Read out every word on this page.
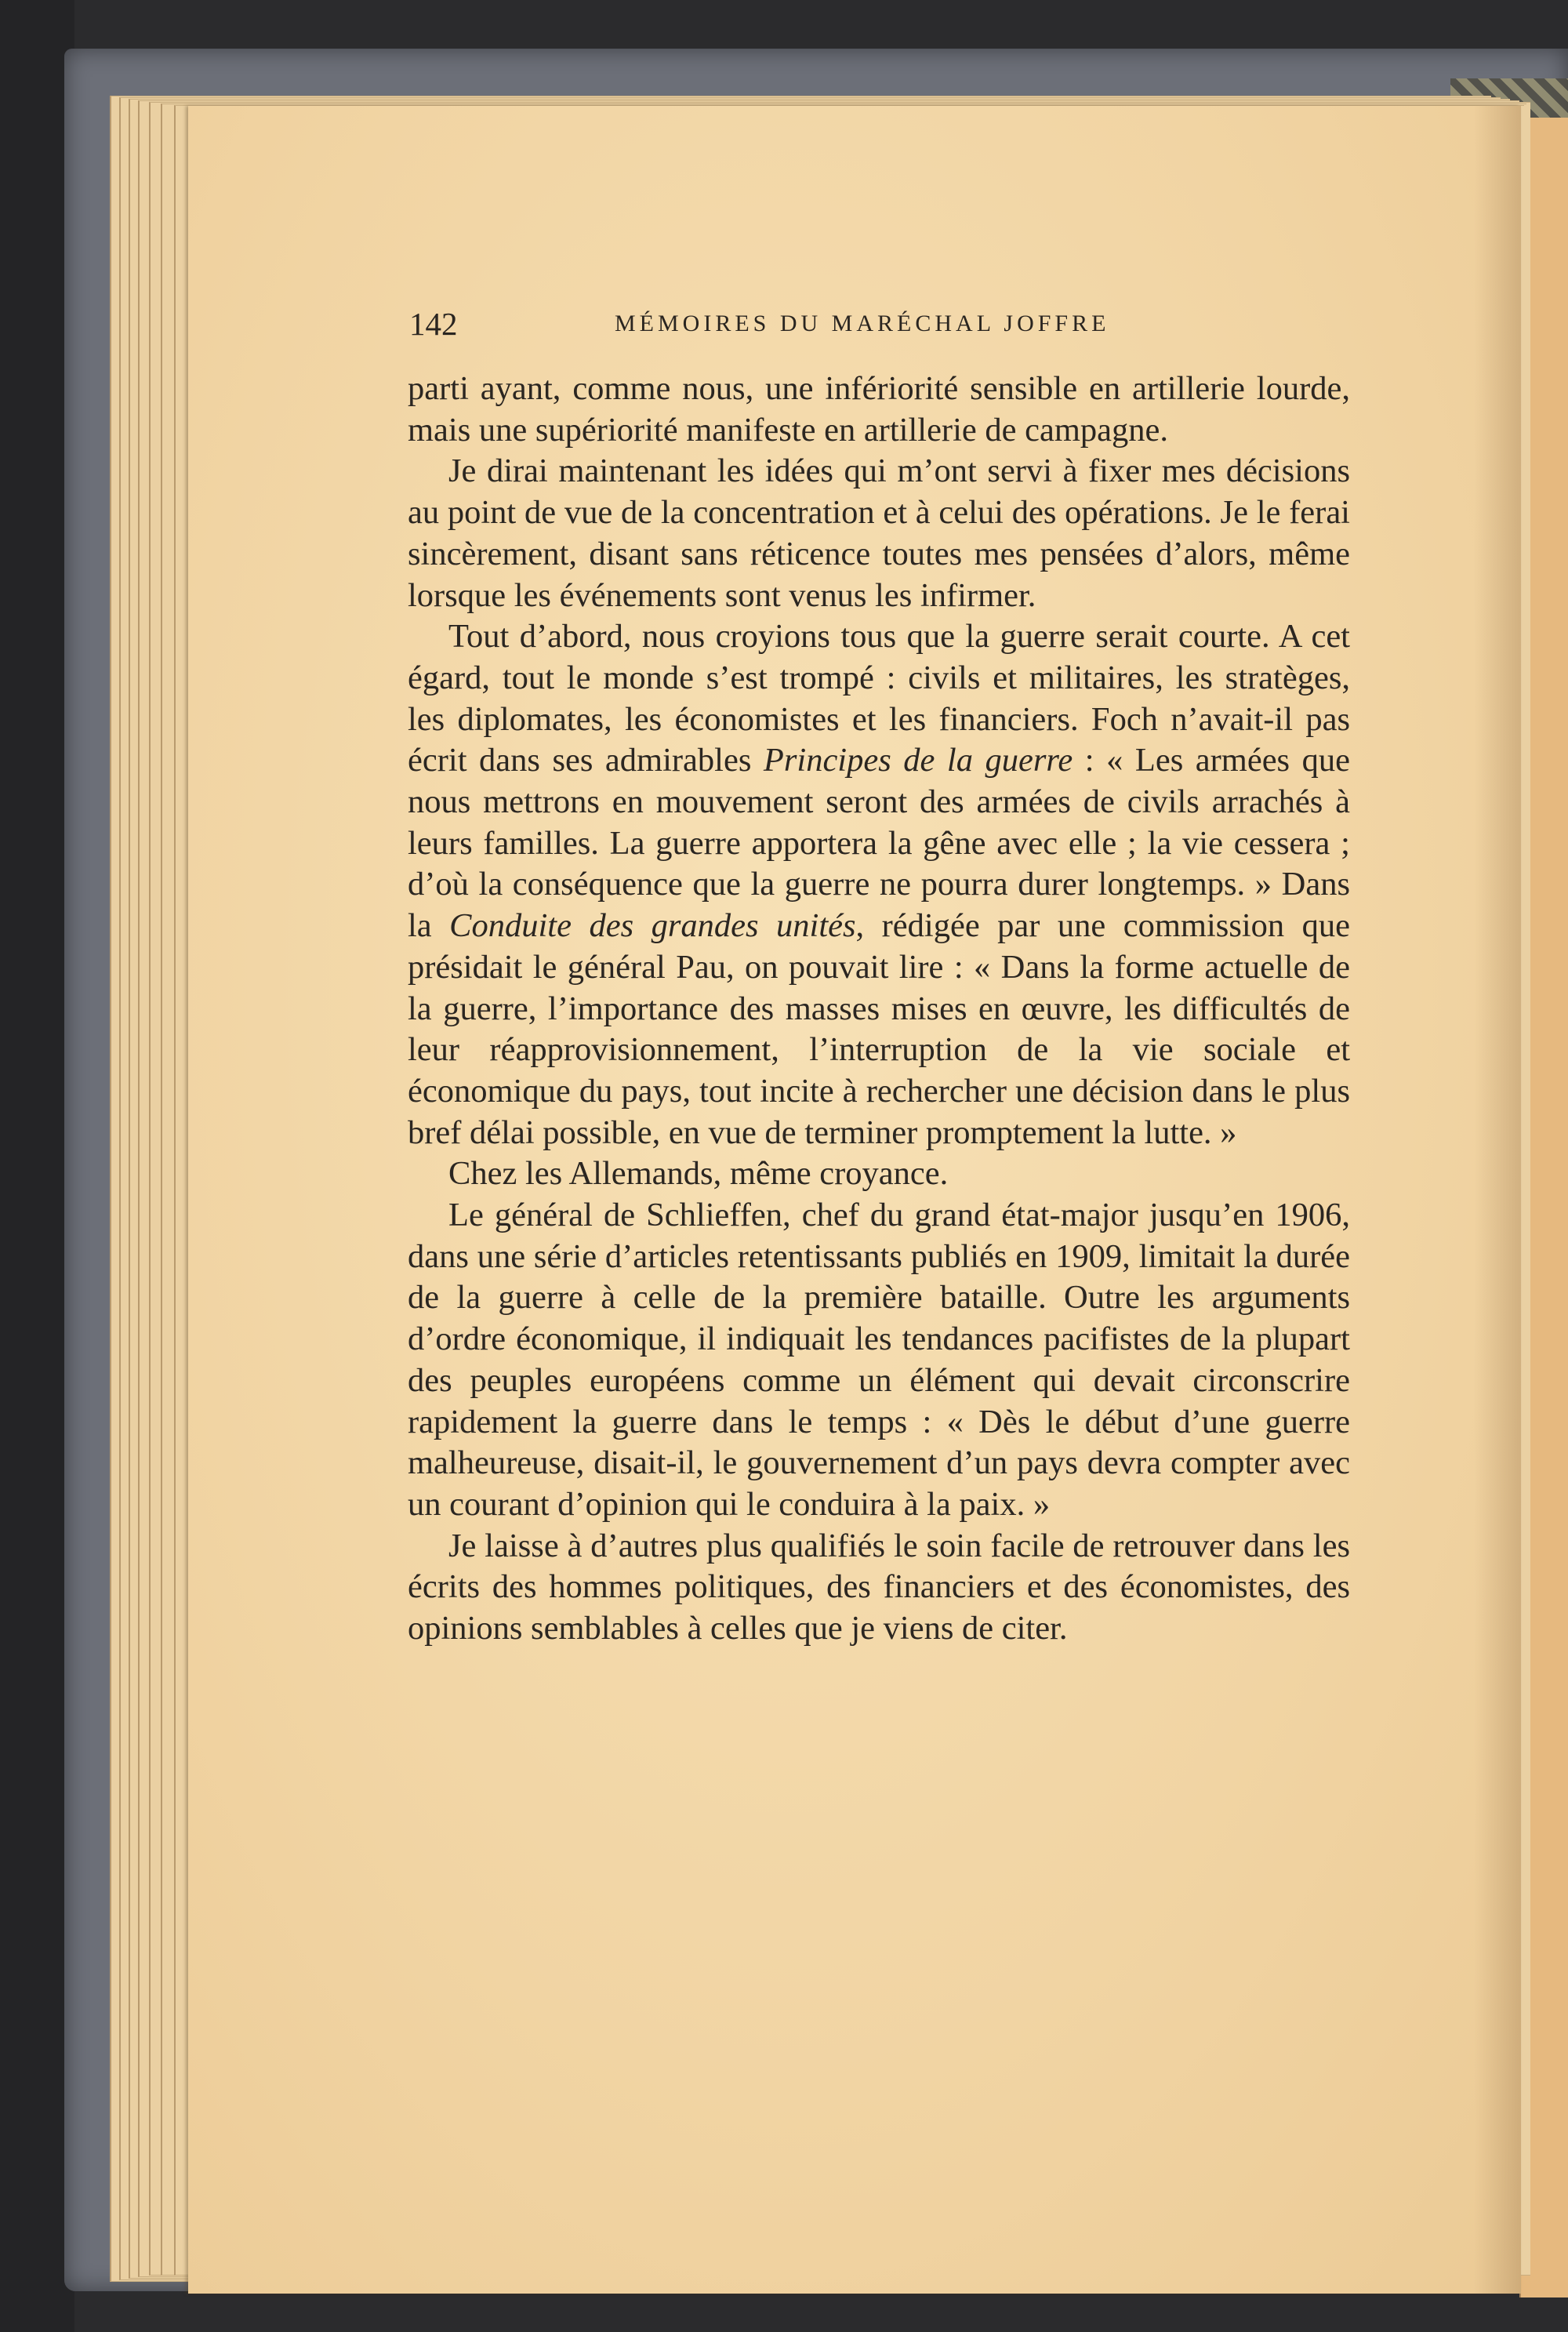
142	MÉMOIRES DU MARÉCHAL JOFFRE

parti ayant, comme nous, une infériorité sensible en artillerie lourde, mais une supériorité manifeste en artillerie de campagne.

Je dirai maintenant les idées qui m’ont servi à fixer mes décisions au point de vue de la concentration et à celui des opérations. Je le ferai sincèrement, disant sans réticence toutes mes pensées d’alors, même lorsque les événements sont venus les infirmer.

Tout d’abord, nous croyions tous que la guerre serait courte. A cet égard, tout le monde s’est trompé : civils et militaires, les stratèges, les diplomates, les économistes et les financiers. Foch n’avait-il pas écrit dans ses admirables Principes de la guerre : « Les armées que nous mettrons en mouvement seront des armées de civils arrachés à leurs familles. La guerre apportera la gêne avec elle ; la vie cessera ; d’où la conséquence que la guerre ne pourra durer longtemps. » Dans la Conduite des grandes unités, rédigée par une commission que présidait le général Pau, on pouvait lire : « Dans la forme actuelle de la guerre, l’importance des masses mises en œuvre, les difficultés de leur réapprovisionnement, l’interruption de la vie sociale et économique du pays, tout incite à rechercher une décision dans le plus bref délai possible, en vue de terminer promptement la lutte. »

Chez les Allemands, même croyance.

Le général de Schlieffen, chef du grand état-major jusqu’en 1906, dans une série d’articles retentissants publiés en 1909, limitait la durée de la guerre à celle de la première bataille. Outre les arguments d’ordre économique, il indiquait les tendances pacifistes de la plupart des peuples européens comme un élément qui devait circonscrire rapidement la guerre dans le temps : « Dès le début d’une guerre malheureuse, disait-il, le gouvernement d’un pays devra compter avec un courant d’opinion qui le conduira à la paix. »

Je laisse à d’autres plus qualifiés le soin facile de retrouver dans les écrits des hommes politiques, des financiers et des économistes, des opinions semblables à celles que je viens de citer.
